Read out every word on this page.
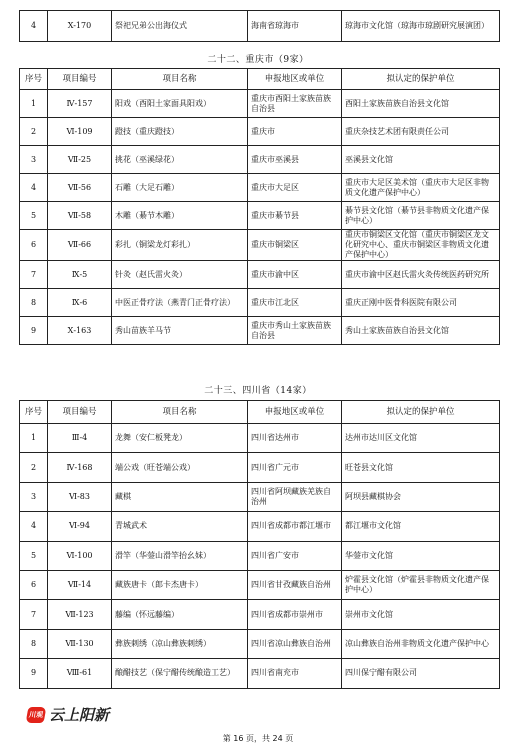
4	X-170	祭祀兄弟公出海仪式	海南省琼海市	琼海市文化馆（琼海市琼剧研究展演团）
二十二、重庆市（9家）
序号	项目编号	项目名称	申报地区或单位	拟认定的保护单位
1	Ⅳ-157	阳戏（酉阳土家面具阳戏）	重庆市酉阳土家族苗族自治县	酉阳土家族苗族自治县文化馆
2	Ⅵ-109	蹬技（重庆蹬技）	重庆市	重庆杂技艺术团有限责任公司
3	Ⅶ-25	挑花（巫溪绿花）	重庆市巫溪县	巫溪县文化馆
4	Ⅶ-56	石雕（大足石雕）	重庆市大足区	重庆市大足区美术馆（重庆市大足区非物质文化遗产保护中心）
5	Ⅶ-58	木雕（綦节木雕）	重庆市綦节县	綦节县文化馆（綦节县非物质文化遗产保护中心）
6	Ⅶ-66	彩扎（铜梁龙灯彩扎）	重庆市铜梁区	重庆市铜梁区文化馆（重庆市铜梁区龙文化研究中心、重庆市铜梁区非物质文化遗产保护中心）
7	Ⅸ-5	针灸（赵氏雷火灸）	重庆市渝中区	重庆市渝中区赵氏雷火灸传统医药研究所
8	Ⅸ-6	中医正骨疗法（燕青门正骨疗法）	重庆市江北区	重庆正刚中医骨科医院有限公司
9	Ⅹ-163	秀山苗族羊马节	重庆市秀山土家族苗族自治县	秀山土家族苗族自治县文化馆
二十三、四川省（14家）
序号	项目编号	项目名称	申报地区或单位	拟认定的保护单位
1	Ⅲ-4	龙舞（安仁板凳龙）	四川省达州市	达州市达川区文化馆
2	Ⅳ-168	端公戏（旺苍端公戏）	四川省广元市	旺苍县文化馆
3	Ⅵ-83	藏棋	四川省阿坝藏族羌族自治州	阿坝县藏棋协会
4	Ⅵ-94	青城武术	四川省成都市都江堰市	都江堰市文化馆
5	Ⅵ-100	滑竿（华蓥山滑竿抬幺妹）	四川省广安市	华蓥市文化馆
6	Ⅶ-14	藏族唐卡（郎卡杰唐卡）	四川省甘孜藏族自治州	炉霍县文化馆（炉霍县非物质文化遗产保护中心）
7	Ⅶ-123	藤编（怀远藤编）	四川省成都市崇州市	崇州市文化馆
8	Ⅶ-130	彝族刺绣（凉山彝族刺绣）	四川省凉山彝族自治州	凉山彝族自治州非物质文化遗产保护中心
9	Ⅷ-61	酿醋技艺（保宁醋传统酿造工艺）	四川省南充市	四川保宁醋有限公司
川观 云上阳新
第 16 页，共 24 页
